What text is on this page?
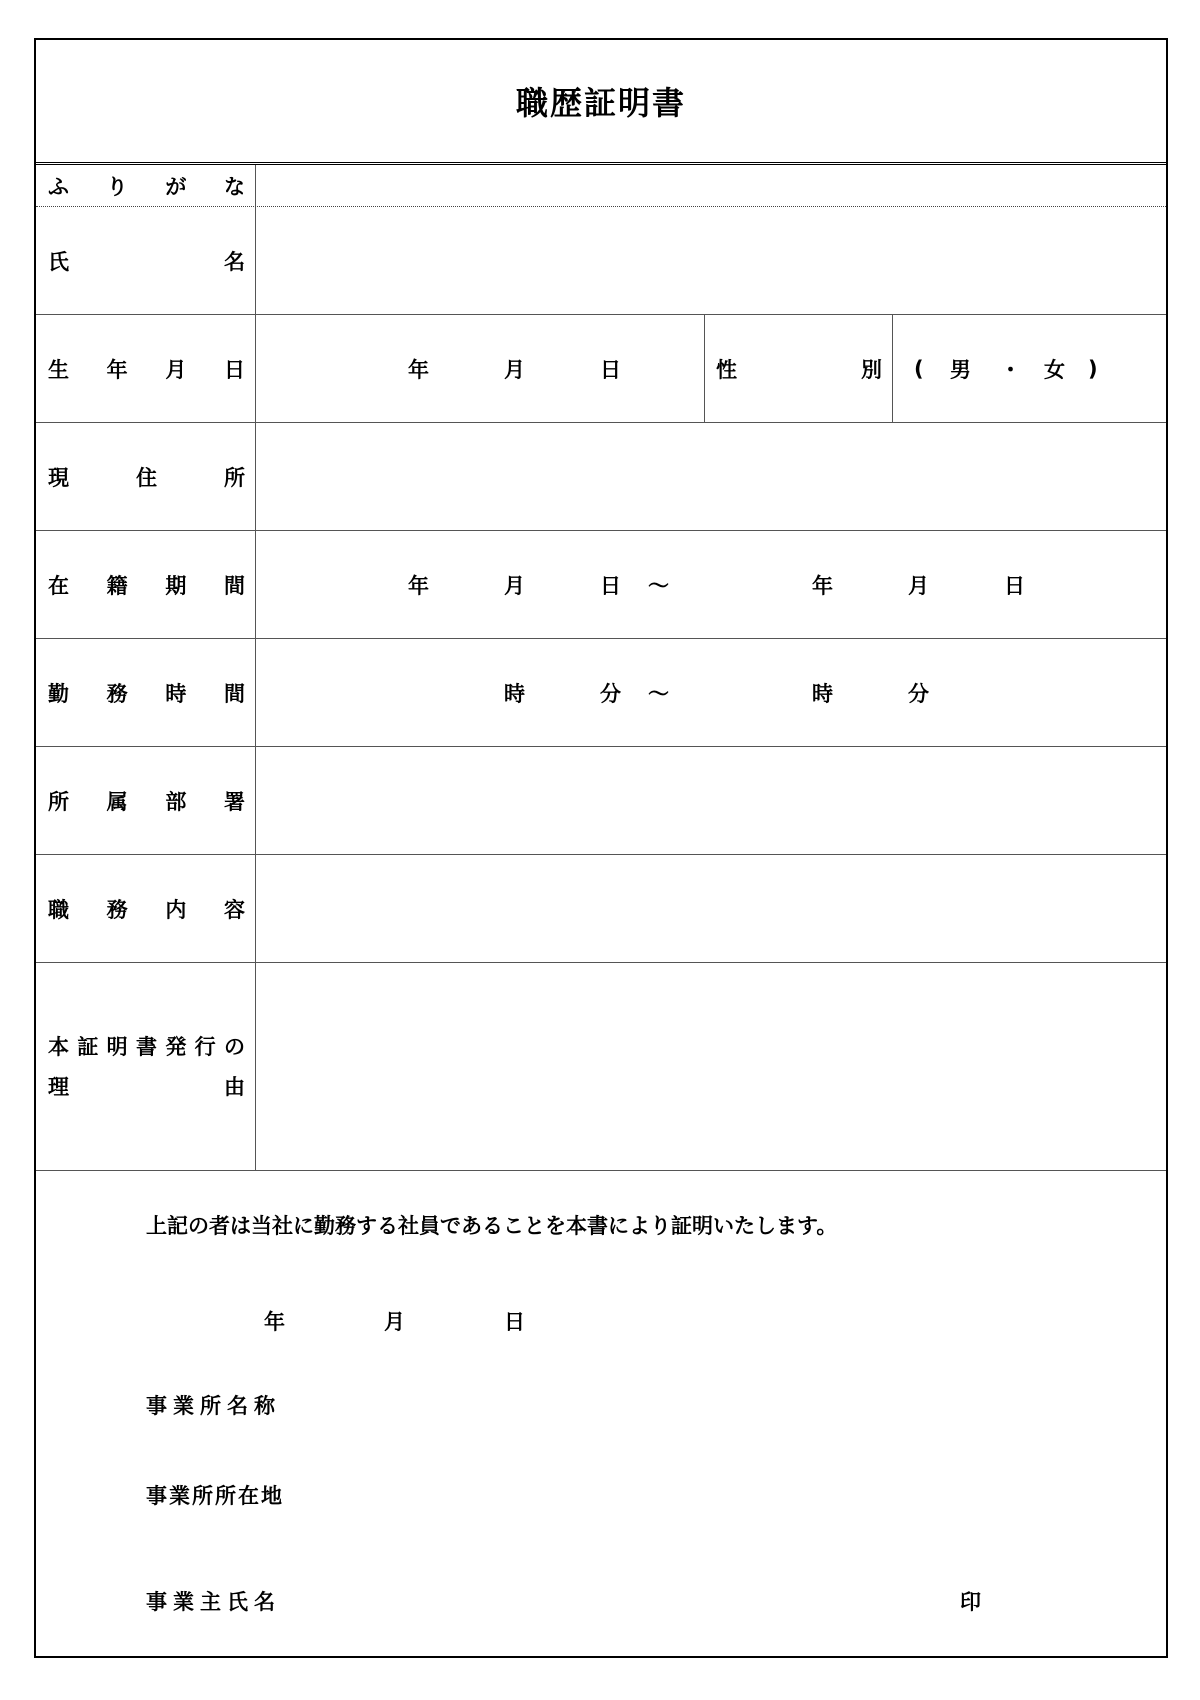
職歴証明書
ふ り が な
氏	名
生 年 月 日	年	月	日	性	別 ( 男 ・ 女 )
現	住	所
在 籍 期 間	年	月	日 ～	年	月	日
勤 務 時 間	時	分 ～	時	分
所 属 部 署
職 務 内 容
本 証 明 書 発 行 の
理	由
上記の者は当社に勤務する社員であることを本書により証明いたします。
年	月	日
事業所名称
事業所所在地
事業主氏名	印
